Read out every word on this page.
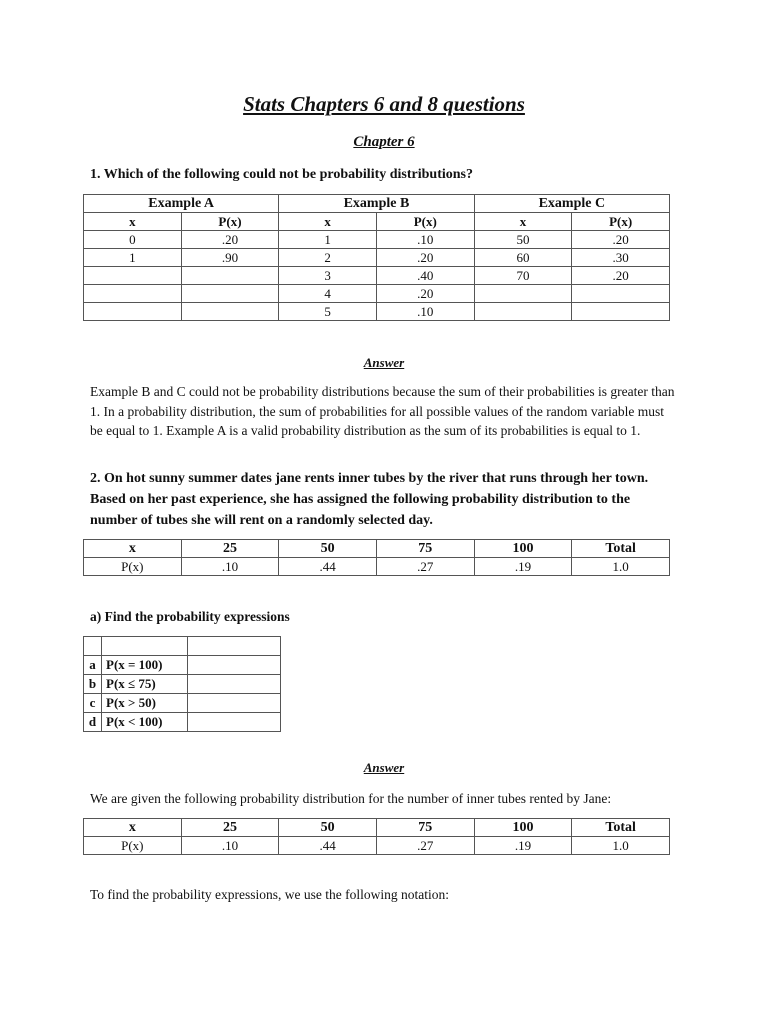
Stats Chapters 6 and 8 questions
Chapter 6
1. Which of the following could not be probability distributions?
Example A		Example B		Example C	
x	P(x)	x	P(x)	x	P(x)
0	.20	1	.10	50	.20
1	.90	2	.20	60	.30
		3	.40	70	.20
		4	.20		
		5	.10		
Answer
Example B and C could not be probability distributions because the sum of their probabilities is greater than 1. In a probability distribution, the sum of probabilities for all possible values of the random variable must be equal to 1. Example A is a valid probability distribution as the sum of its probabilities is equal to 1.
2. On hot sunny summer dates jane rents inner tubes by the river that runs through her town. Based on her past experience, she has assigned the following probability distribution to the number of tubes she will rent on a randomly selected day.
x	25	50	75	100	Total
P(x)	.10	.44	.27	.19	1.0
a) Find the probability expressions

a	P(x = 100)	
b	P(x ≤ 75)	
c	P(x > 50)	
d	P(x < 100)	
Answer
We are given the following probability distribution for the number of inner tubes rented by Jane:
x	25	50	75	100	Total
P(x)	.10	.44	.27	.19	1.0
To find the probability expressions, we use the following notation:
